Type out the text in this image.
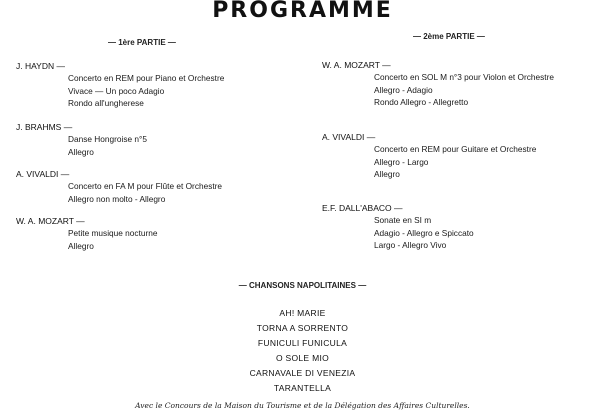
PROGRAMME
— 1ère PARTIE —
J. HAYDN —
Concerto en REM pour Piano et Orchestre
Vivace — Un poco Adagio
Rondo all'ungherese
J. BRAHMS —
Danse Hongroise n°5
Allegro
A. VIVALDI —
Concerto en FA M pour Flûte et Orchestre
Allegro non molto - Allegro
W. A. MOZART —
Petite musique nocturne
Allegro
— 2ème PARTIE —
W. A. MOZART —
Concerto en SOL M n°3 pour Violon et Orchestre
Allegro - Adagio
Rondo Allegro - Allegretto
A. VIVALDI —
Concerto en REM pour Guitare et Orchestre
Allegro - Largo
Allegro
E.F. DALL'ABACO —
Sonate en SI m
Adagio - Allegro e Spiccato
Largo - Allegro Vivo
— CHANSONS NAPOLITAINES —
AH! MARIE
TORNA A SORRENTO
FUNICULI FUNICULA
O SOLE MIO
CARNAVALE DI VENEZIA
TARANTELLA
Avec le Concours de la Maison du Tourisme et de la Délégation des Affaires Culturelles.
